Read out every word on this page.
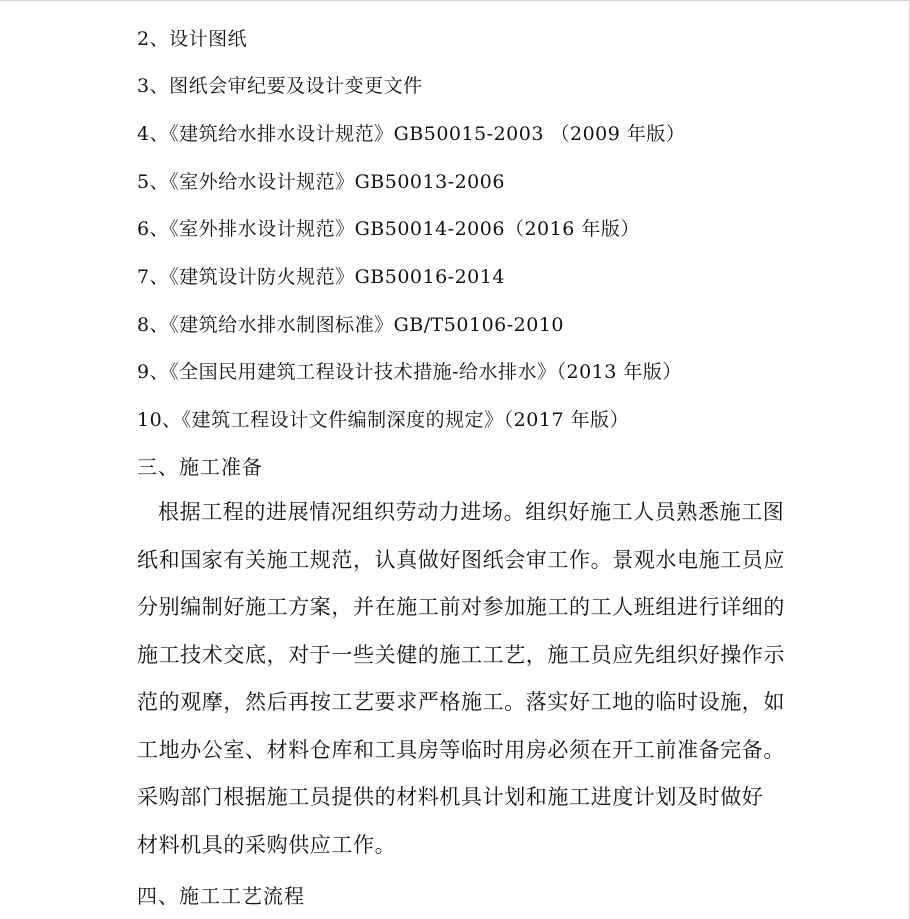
2、设计图纸
3、图纸会审纪要及设计变更文件
4、《建筑给水排水设计规范》GB50015-2003 （2009 年版）
5、《室外给水设计规范》GB50013-2006
6、《室外排水设计规范》GB50014-2006（2016 年版）
7、《建筑设计防火规范》GB50016-2014
8、《建筑给水排水制图标准》GB/T50106-2010
9、《全国民用建筑工程设计技术措施-给水排水》（2013 年版）
10、《建筑工程设计文件编制深度的规定》（2017 年版）
三、施工准备
根据工程的进展情况组织劳动力进场。组织好施工人员熟悉施工图
纸和国家有关施工规范，认真做好图纸会审工作。景观水电施工员应
分别编制好施工方案，并在施工前对参加施工的工人班组进行详细的
施工技术交底，对于一些关健的施工工艺，施工员应先组织好操作示
范的观摩，然后再按工艺要求严格施工。落实好工地的临时设施，如
工地办公室、材料仓库和工具房等临时用房必须在开工前准备完备。
采购部门根据施工员提供的材料机具计划和施工进度计划及时做好
材料机具的采购供应工作。
四、施工工艺流程
